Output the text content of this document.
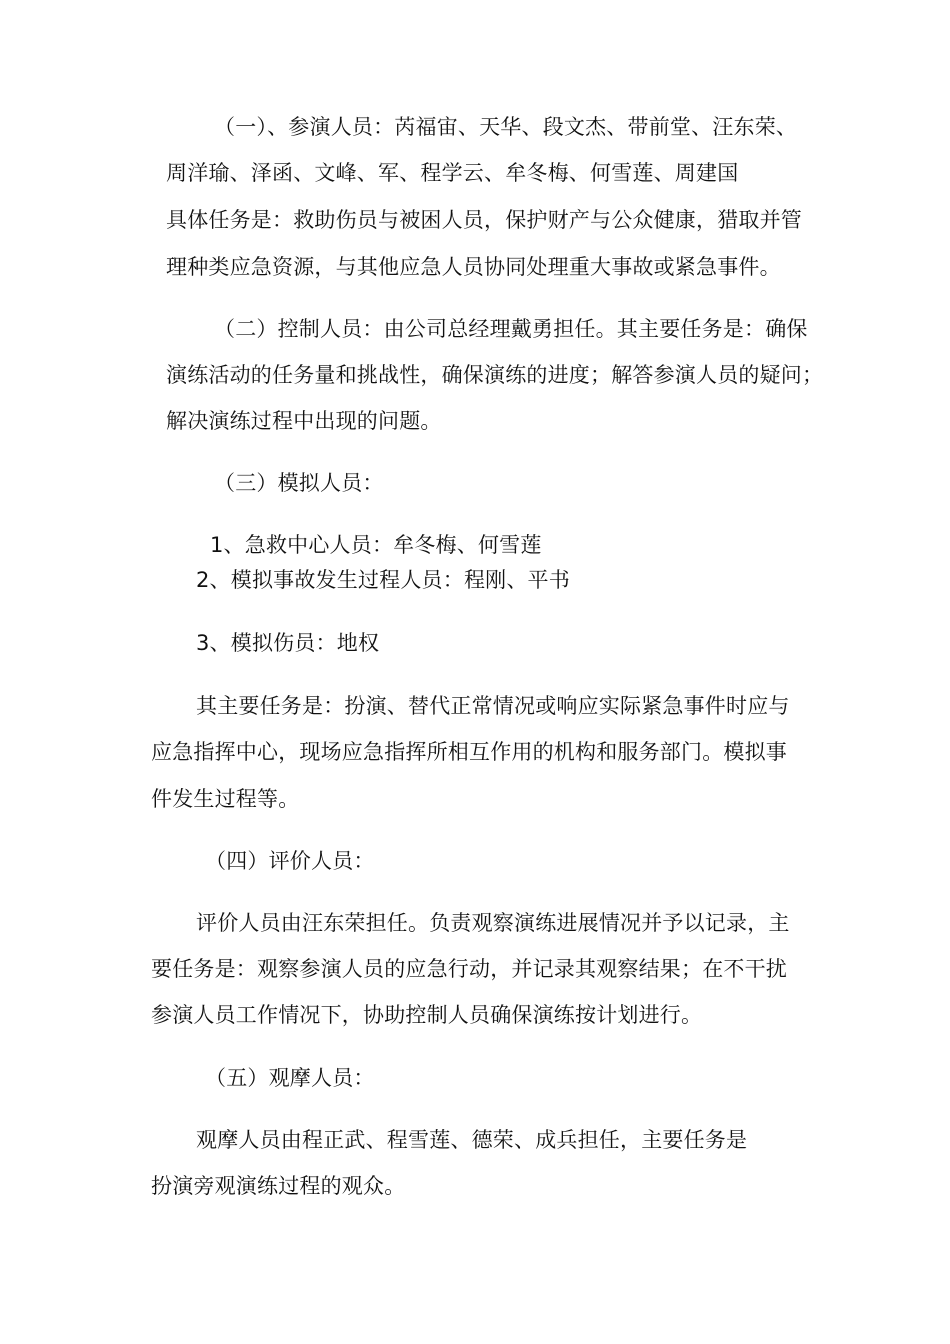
（一）、参演人员：芮福宙、天华、段文杰、带前堂、汪东荣、
周洋瑜、泽函、文峰、军、程学云、牟冬梅、何雪莲、周建国
具体任务是：救助伤员与被困人员，保护财产与公众健康，猎取并管
理种类应急资源，与其他应急人员协同处理重大事故或紧急事件。
（二）控制人员：由公司总经理戴勇担任。其主要任务是：确保
演练活动的任务量和挑战性，确保演练的进度；解答参演人员的疑问；
解决演练过程中出现的问题。
（三）模拟人员：
1、急救中心人员：牟冬梅、何雪莲
2、模拟事故发生过程人员：程刚、平书
3、模拟伤员：地权
其主要任务是：扮演、替代正常情况或响应实际紧急事件时应与
应急指挥中心，现场应急指挥所相互作用的机构和服务部门。模拟事
件发生过程等。
（四）评价人员：
评价人员由汪东荣担任。负责观察演练进展情况并予以记录，主
要任务是：观察参演人员的应急行动，并记录其观察结果；在不干扰
参演人员工作情况下，协助控制人员确保演练按计划进行。
（五）观摩人员：
观摩人员由程正武、程雪莲、德荣、成兵担任，主要任务是
扮演旁观演练过程的观众。
